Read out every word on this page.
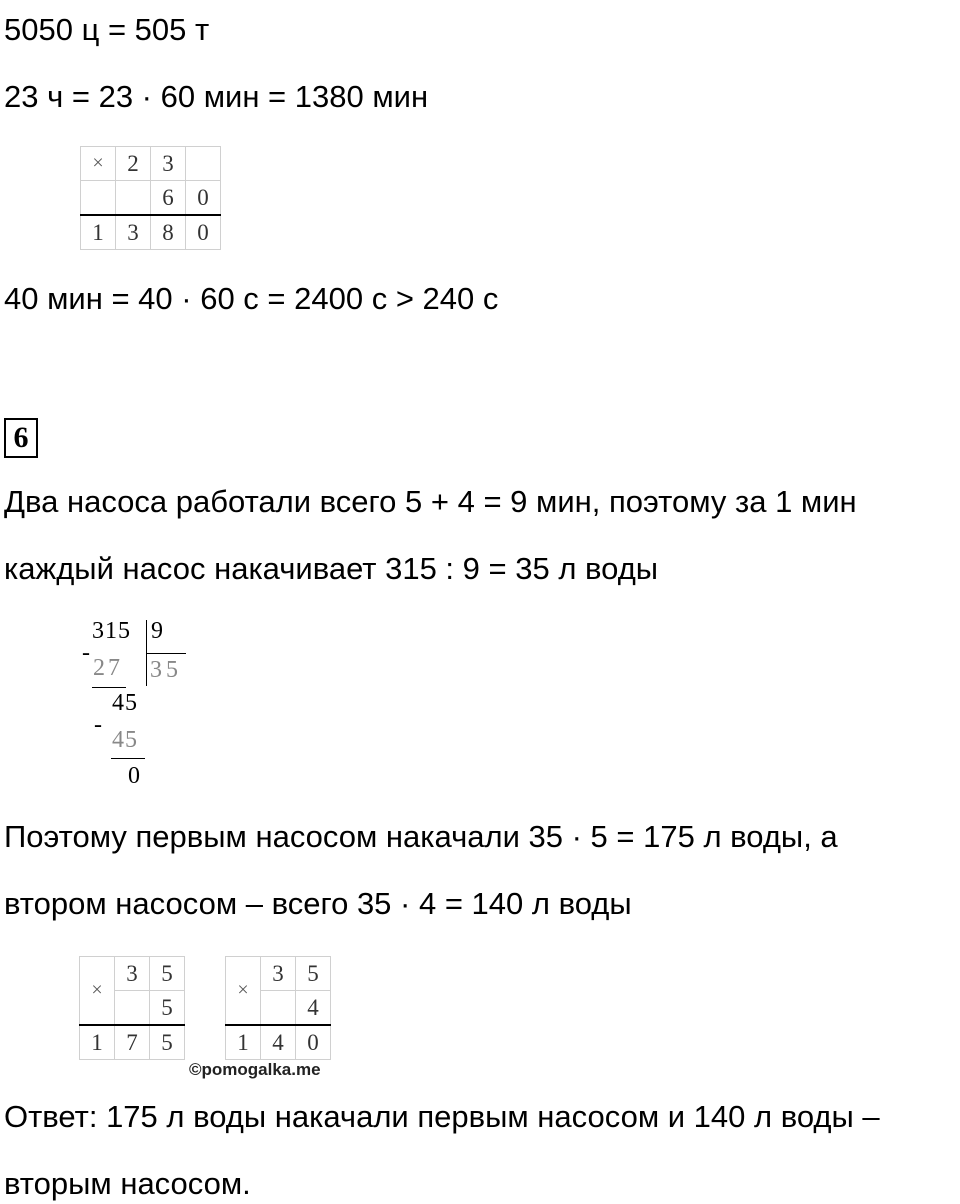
5050 ц = 505 т
23 ч = 23 · 60 мин = 1380 мин
×	2	3	
		6	0
1	3	8	0
40 мин = 40 · 60 с = 2400 с > 240 с
6
Два насоса работали всего 5 + 4 = 9 мин, поэтому за 1 мин
каждый насос накачивает 315 : 9 = 35 л воды
-
315 9
35
27
45
-
45
0
Поэтому первым насосом накачали 35 · 5 = 175 л воды, а
втором насосом – всего 35 · 4 = 140 л воды
×	3	5
		5
1	7	5
×	3	5
		4
1	4	0
Ответ: 175 л воды накачали первым насосом и 140 л воды –
©pomogalka.me
вторым насосом.
